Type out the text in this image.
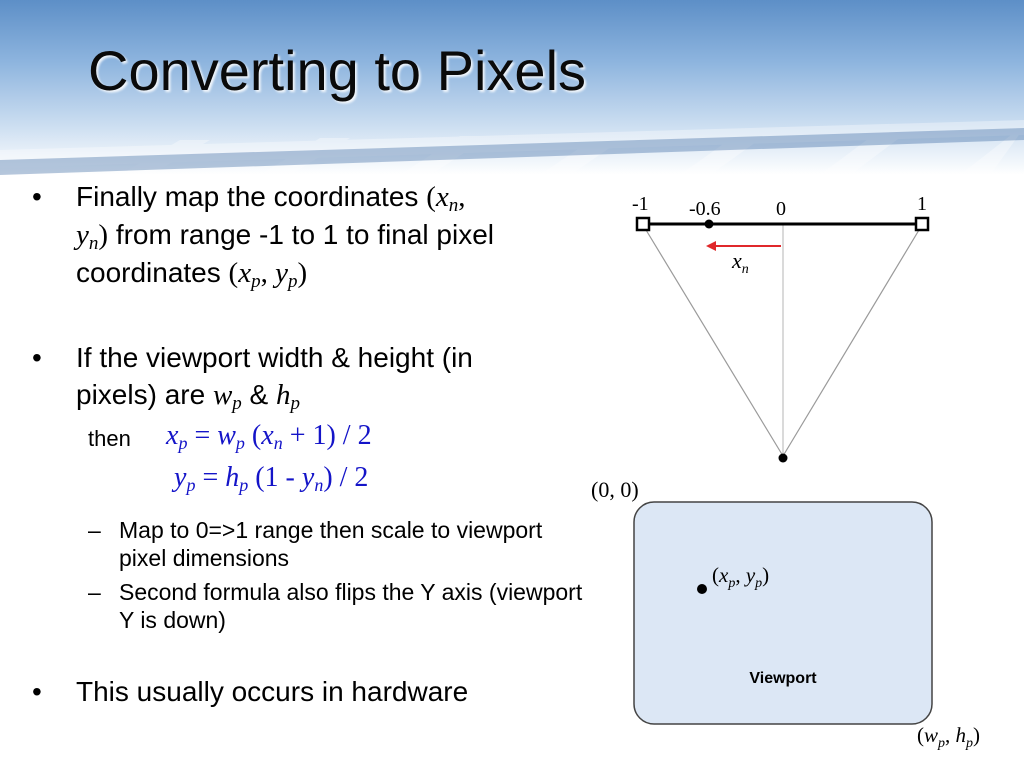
Converting to Pixels
• Finally map the coordinates ($x_n$,
$y_n$) from range -1 to 1 to final pixel
coordinates ($x_p$, $y_p$)
• If the viewport width & height (in
pixels) are $w_p$ & $h_p$
then $x_p = w_p$ $(x_n + 1) / 2$
$y_p = h_p$ $(1 - y_n) / 2$
– Map to 0=>1 range then scale to viewport pixel dimensions
– Second formula also flips the Y axis (viewport Y is down)
• This usually occurs in hardware
-1 -0.6	0	1
$x_n$
(0, 0)
($x_p$, $y_p$)
Viewport
($w_p$, $h_p$)
